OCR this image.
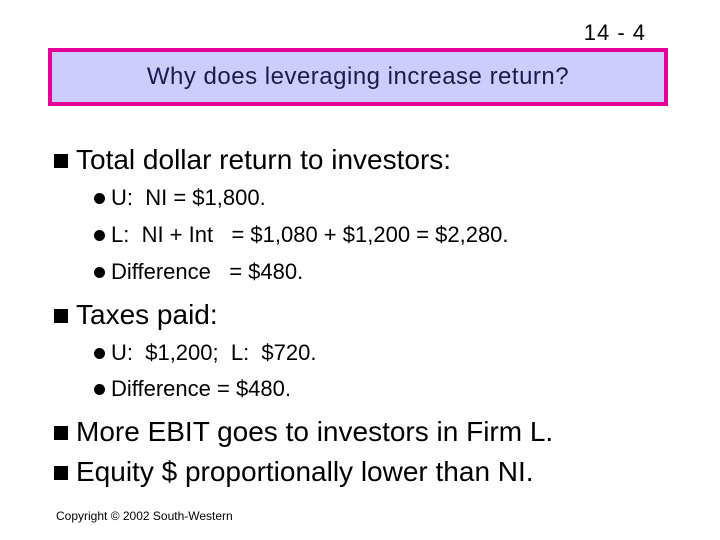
14 - 4
Why does leveraging increase return?
Total dollar return to investors:
U:  NI = $1,800.
L:  NI + Int   = $1,080 + $1,200 = $2,280.
Difference   = $480.
Taxes paid:
U:  $1,200;  L:  $720.
Difference = $480.
More EBIT goes to investors in Firm L.
Equity $ proportionally lower than NI.
Copyright © 2002 South-Western
